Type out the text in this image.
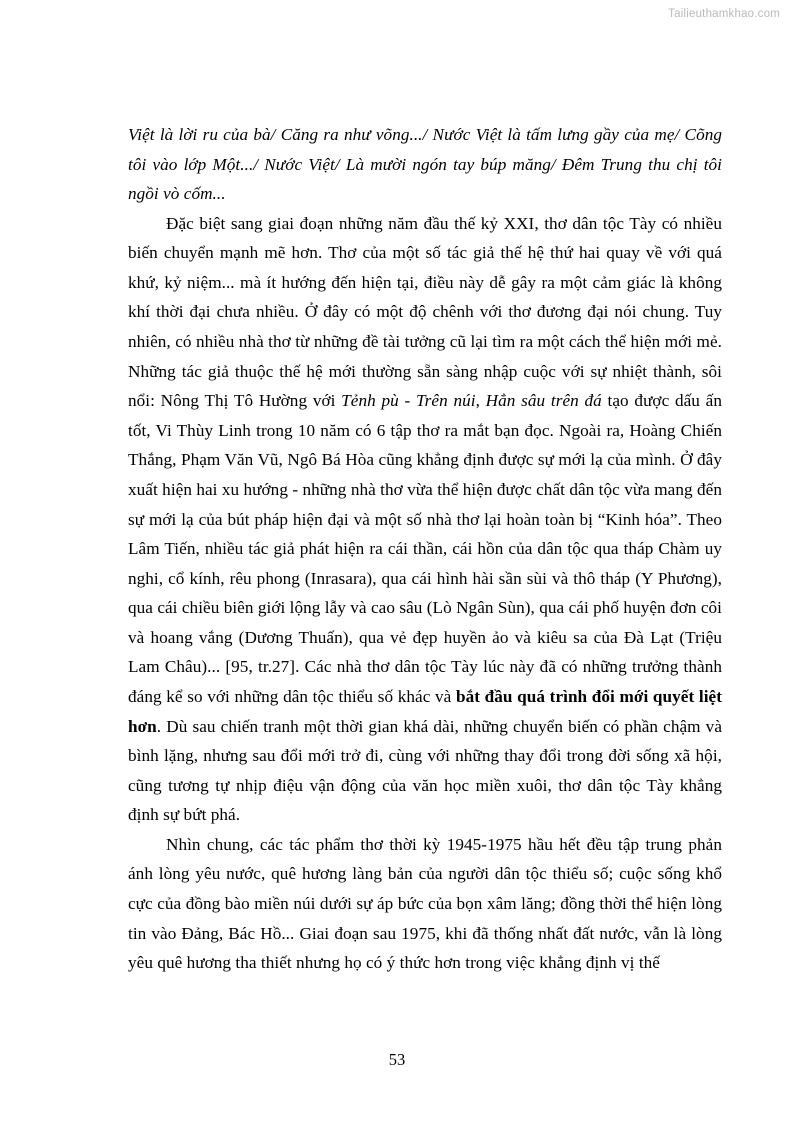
Tailieuthamkhao.com

Việt là lời ru của bà/ Căng ra như võng.../ Nước Việt là tấm lưng gầy của mẹ/ Cõng tôi vào lớp Một.../ Nước Việt/ Là mười ngón tay búp măng/ Đêm Trung thu chị tôi ngồi vò cốm...

Đặc biệt sang giai đoạn những năm đầu thế kỷ XXI, thơ dân tộc Tày có nhiều biến chuyển mạnh mẽ hơn. Thơ của một số tác giả thế hệ thứ hai quay về với quá khứ, kỷ niệm... mà ít hướng đến hiện tại, điều này dễ gây ra một cảm giác là không khí thời đại chưa nhiều. Ở đây có một độ chênh với thơ đương đại nói chung. Tuy nhiên, có nhiều nhà thơ từ những đề tài tưởng cũ lại tìm ra một cách thể hiện mới mẻ. Những tác giả thuộc thế hệ mới thường sẵn sàng nhập cuộc với sự nhiệt thành, sôi nổi: Nông Thị Tô Hường với Tẻnh pù - Trên núi, Hẳn sâu trên đá tạo được dấu ấn tốt, Vi Thùy Linh trong 10 năm có 6 tập thơ ra mắt bạn đọc. Ngoài ra, Hoàng Chiến Thắng, Phạm Văn Vũ, Ngô Bá Hòa cũng khẳng định được sự mới lạ của mình. Ở đây xuất hiện hai xu hướng - những nhà thơ vừa thể hiện được chất dân tộc vừa mang đến sự mới lạ của bút pháp hiện đại và một số nhà thơ lại hoàn toàn bị “Kinh hóa”. Theo Lâm Tiến, nhiều tác giả phát hiện ra cái thần, cái hồn của dân tộc qua tháp Chàm uy nghi, cổ kính, rêu phong (Inrasara), qua cái hình hài sần sùi và thô tháp (Y Phương), qua cái chiều biên giới lộng lẫy và cao sâu (Lò Ngân Sùn), qua cái phố huyện đơn côi và hoang vắng (Dương Thuấn), qua vẻ đẹp huyền ảo và kiêu sa của Đà Lạt (Triệu Lam Châu)... [95, tr.27]. Các nhà thơ dân tộc Tày lúc này đã có những trưởng thành đáng kể so với những dân tộc thiểu số khác và bắt đầu quá trình đổi mới quyết liệt hơn. Dù sau chiến tranh một thời gian khá dài, những chuyển biến có phần chậm và bình lặng, nhưng sau đổi mới trở đi, cùng với những thay đổi trong đời sống xã hội, cũng tương tự nhịp điệu vận động của văn học miền xuôi, thơ dân tộc Tày khẳng định sự bứt phá.

Nhìn chung, các tác phẩm thơ thời kỳ 1945-1975 hầu hết đều tập trung phản ánh lòng yêu nước, quê hương làng bản của người dân tộc thiểu số; cuộc sống khổ cực của đồng bào miền núi dưới sự áp bức của bọn xâm lăng; đồng thời thể hiện lòng tin vào Đảng, Bác Hồ... Giai đoạn sau 1975, khi đã thống nhất đất nước, vẫn là lòng yêu quê hương tha thiết nhưng họ có ý thức hơn trong việc khẳng định vị thế

53
